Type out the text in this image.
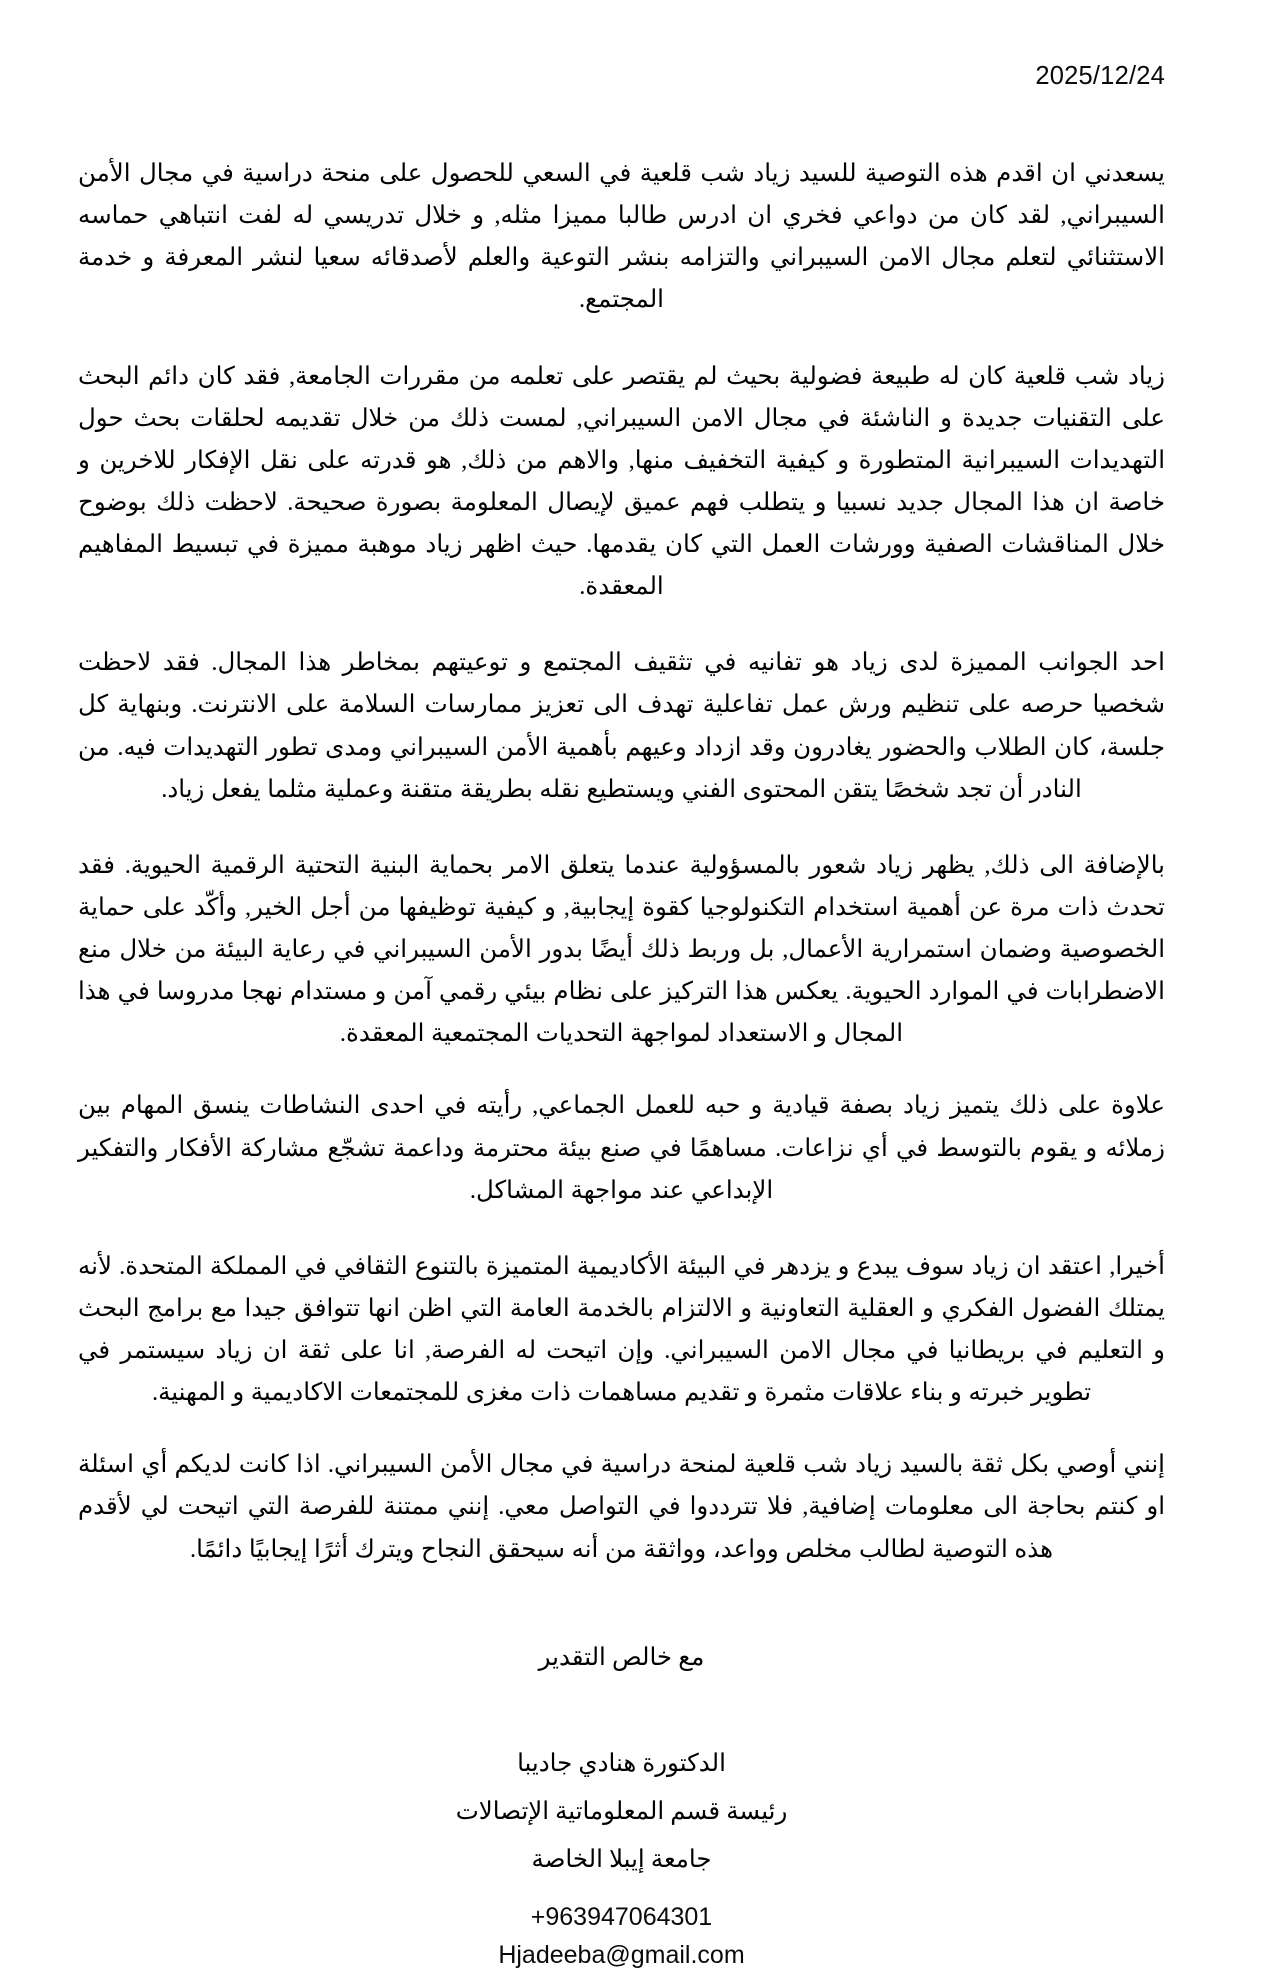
2025/12/24

يسعدني ان اقدم هذه التوصية للسيد زياد شب قلعية في السعي للحصول على منحة دراسية في مجال الأمن السيبراني, لقد كان من دواعي فخري ان ادرس طالبا مميزا مثله, و خلال تدريسي له لفت انتباهي حماسه الاستثنائي لتعلم مجال الامن السيبراني والتزامه بنشر التوعية والعلم لأصدقائه سعيا لنشر المعرفة و خدمة المجتمع.

زياد شب قلعية كان له طبيعة فضولية بحيث لم يقتصر على تعلمه من مقررات الجامعة, فقد كان دائم البحث على التقنيات جديدة و الناشئة في مجال الامن السيبراني, لمست ذلك من خلال تقديمه لحلقات بحث حول التهديدات السيبرانية المتطورة و كيفية التخفيف منها, والاهم من ذلك, هو قدرته على نقل الإفكار للاخرين و خاصة ان هذا المجال جديد نسبيا و يتطلب فهم عميق لإيصال المعلومة بصورة صحيحة. لاحظت ذلك بوضوح خلال المناقشات الصفية وورشات العمل التي كان يقدمها. حيث اظهر زياد موهبة مميزة في تبسيط المفاهيم المعقدة.

احد الجوانب المميزة لدى زياد هو تفانيه في تثقيف المجتمع و توعيتهم بمخاطر هذا المجال. فقد لاحظت شخصيا حرصه على تنظيم ورش عمل تفاعلية تهدف الى تعزيز ممارسات السلامة على الانترنت. وبنهاية كل جلسة، كان الطلاب والحضور يغادرون وقد ازداد وعيهم بأهمية الأمن السيبراني ومدى تطور التهديدات فيه. من النادر أن تجد شخصًا يتقن المحتوى الفني ويستطيع نقله بطريقة متقنة وعملية مثلما يفعل زياد.

بالإضافة الى ذلك, يظهر زياد شعور بالمسؤولية عندما يتعلق الامر بحماية البنية التحتية الرقمية الحيوية. فقد تحدث ذات مرة عن أهمية استخدام التكنولوجيا كقوة إيجابية, و كيفية توظيفها من أجل الخير, وأكّد على حماية الخصوصية وضمان استمرارية الأعمال, بل وربط ذلك أيضًا بدور الأمن السيبراني في رعاية البيئة من خلال منع الاضطرابات في الموارد الحيوية. يعكس هذا التركيز على نظام بيئي رقمي آمن و مستدام نهجا مدروسا في هذا المجال و الاستعداد لمواجهة التحديات المجتمعية المعقدة.

علاوة على ذلك يتميز زياد بصفة قيادية و حبه للعمل الجماعي, رأيته في احدى النشاطات ينسق المهام بين زملائه و يقوم بالتوسط في أي نزاعات. مساهمًا في صنع بيئة محترمة وداعمة تشجّع مشاركة الأفكار والتفكير الإبداعي عند مواجهة المشاكل.

أخيرا, اعتقد ان زياد سوف يبدع و يزدهر في البيئة الأكاديمية المتميزة بالتنوع الثقافي في المملكة المتحدة. لأنه يمتلك الفضول الفكري و العقلية التعاونية و الالتزام بالخدمة العامة التي اظن انها تتوافق جيدا مع برامج البحث و التعليم في بريطانيا في مجال الامن السيبراني. وإن اتيحت له الفرصة, انا على ثقة ان زياد سيستمر في تطوير خبرته و بناء علاقات مثمرة و تقديم مساهمات ذات مغزى للمجتمعات الاكاديمية و المهنية.

إنني أوصي بكل ثقة بالسيد زياد شب قلعية لمنحة دراسية في مجال الأمن السيبراني. اذا كانت لديكم أي اسئلة او كنتم بحاجة الى معلومات إضافية, فلا تترددوا في التواصل معي. إنني ممتنة للفرصة التي اتيحت لي لأقدم هذه التوصية لطالب مخلص وواعد، وواثقة من أنه سيحقق النجاح ويترك أثرًا إيجابيًا دائمًا.

مع خالص التقدير

الدكتورة هنادي جاديبا

رئيسة قسم المعلوماتية الإتصالات

جامعة إيبلا الخاصة

+963947064301

Hjadeeba@gmail.com
